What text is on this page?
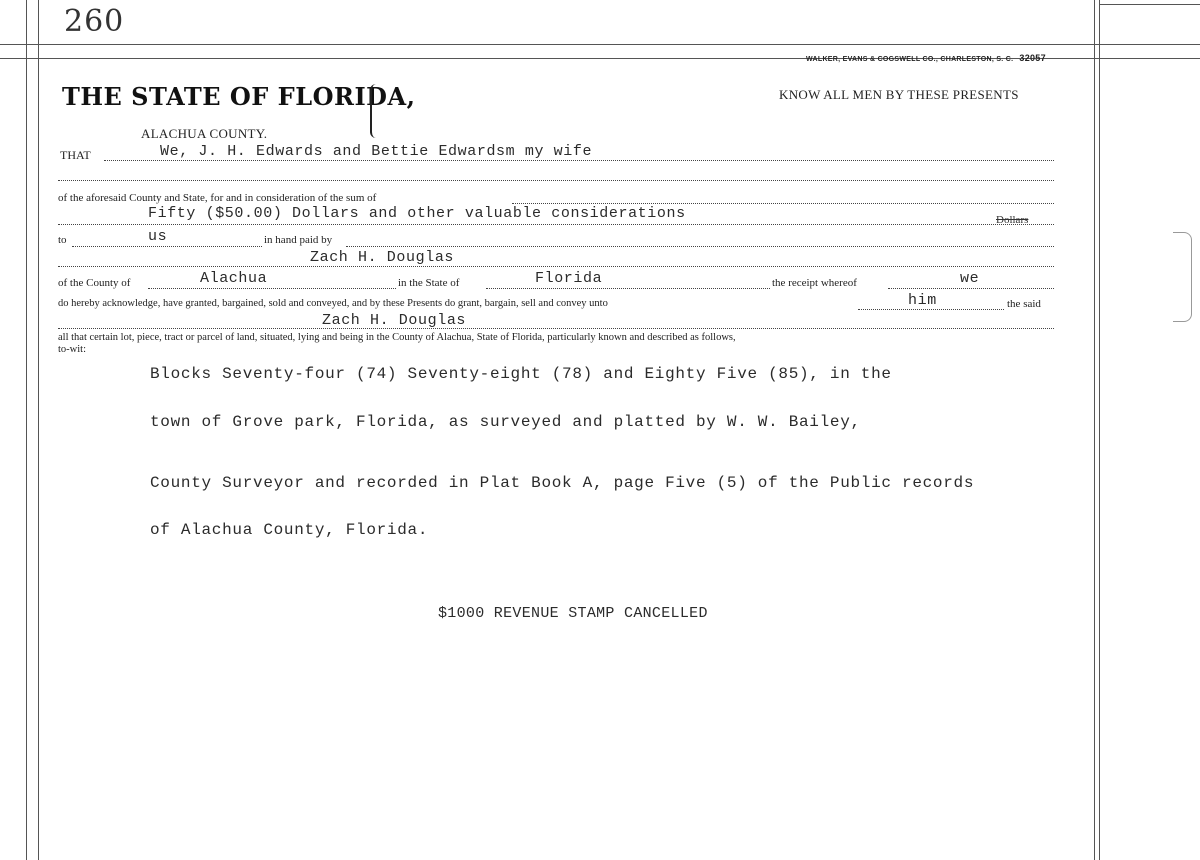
260
WALKER, EVANS & COGSWELL CO., CHARLESTON, S. C. 32057
THE STATE OF FLORIDA,	KNOW ALL MEN BY THESE PRESENTS
ALACHUA COUNTY.
THAT	We, J. H. Edwards and Bettie Edwardsm my wife
of the aforesaid County and State, for and in consideration of the sum of
Fifty ($50.00) Dollars and other valuable considerations	Dollars
to	us	in hand paid by
Zach H. Douglas
of the County of	Alachua	in the State of	Florida	the receipt whereof	we
do hereby acknowledge, have granted, bargained, sold and conveyed, and by these Presents do grant, bargain, sell and convey unto	him	the said
Zach H. Douglas
all that certain lot, piece, tract or parcel of land, situated, lying and being in the County of Alachua, State of Florida, particularly known and described as follows,
to-wit:
Blocks Seventy-four (74) Seventy-eight (78) and Eighty Five (85), in the
town of Grove park, Florida, as surveyed and platted by W. W. Bailey,
County Surveyor and recorded in Plat Book A, page Five (5) of the Public records
of Alachua County, Florida.
$1000 REVENUE STAMP CANCELLED
